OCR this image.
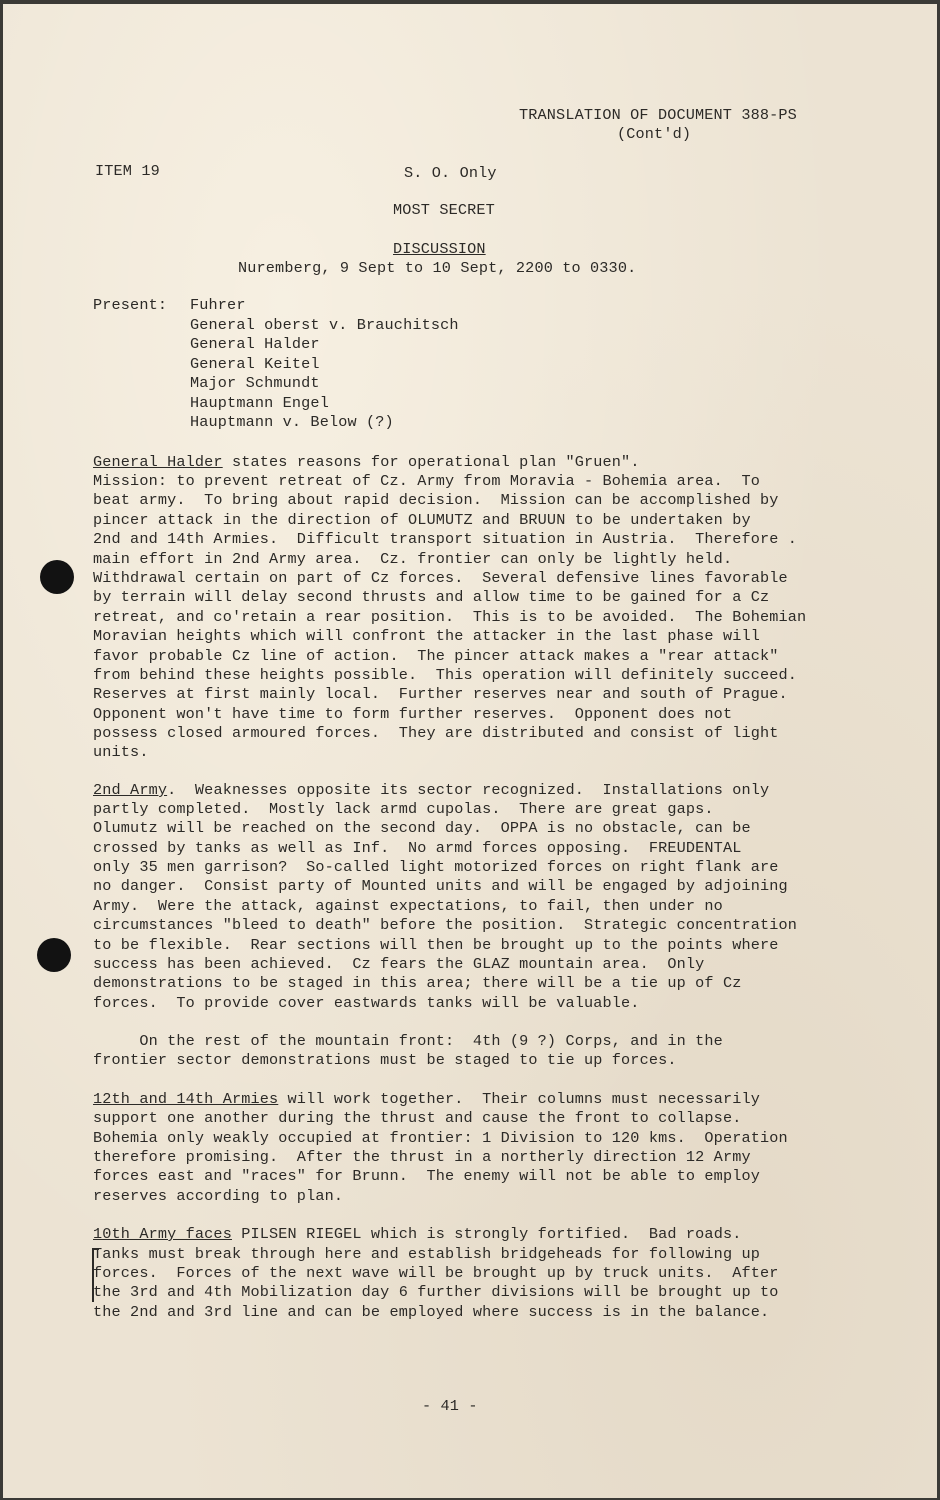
TRANSLATION OF DOCUMENT 388-PS
(Cont'd)
ITEM 19	S. O. Only
MOST SECRET
DISCUSSION
Nuremberg, 9 Sept to 10 Sept, 2200 to 0330.
Present: Fuhrer
General oberst v. Brauchitsch
General Halder
General Keitel
Major Schmundt
Hauptmann Engel
Hauptmann v. Below (?)
General Halder states reasons for operational plan "Gruen".
Mission: to prevent retreat of Cz. Army from Moravia - Bohemia area.  To
beat army.  To bring about rapid decision.  Mission can be accomplished by
pincer attack in the direction of OLUMUTZ and BRUUN to be undertaken by
2nd and 14th Armies.  Difficult transport situation in Austria.  Therefore .
main effort in 2nd Army area.  Cz. frontier can only be lightly held.
Withdrawal certain on part of Cz forces.  Several defensive lines favorable
by terrain will delay second thrusts and allow time to be gained for a Cz
retreat, and co'retain a rear position.  This is to be avoided.  The Bohemian
Moravian heights which will confront the attacker in the last phase will
favor probable Cz line of action.  The pincer attack makes a "rear attack"
from behind these heights possible.  This operation will definitely succeed.
Reserves at first mainly local.  Further reserves near and south of Prague.
Opponent won't have time to form further reserves.  Opponent does not
possess closed armoured forces.  They are distributed and consist of light
units.
2nd Army.  Weaknesses opposite its sector recognized.  Installations only
partly completed.  Mostly lack armd cupolas.  There are great gaps.
Olumutz will be reached on the second day.  OPPA is no obstacle, can be
crossed by tanks as well as Inf.  No armd forces opposing.  FREUDENTAL
only 35 men garrison?  So-called light motorized forces on right flank are
no danger.  Consist party of Mounted units and will be engaged by adjoining
Army.  Were the attack, against expectations, to fail, then under no
circumstances "bleed to death" before the position.  Strategic concentration
to be flexible.  Rear sections will then be brought up to the points where
success has been achieved.  Cz fears the GLAZ mountain area.  Only
demonstrations to be staged in this area; there will be a tie up of Cz
forces.  To provide cover eastwards tanks will be valuable.
On the rest of the mountain front:  4th (9 ?) Corps, and in the
frontier sector demonstrations must be staged to tie up forces.
12th and 14th Armies will work together.  Their columns must necessarily
support one another during the thrust and cause the front to collapse.
Bohemia only weakly occupied at frontier: 1 Division to 120 kms.  Operation
therefore promising.  After the thrust in a northerly direction 12 Army
forces east and "races" for Brunn.  The enemy will not be able to employ
reserves according to plan.
10th Army faces PILSEN RIEGEL which is strongly fortified.  Bad roads.
Tanks must break through here and establish bridgeheads for following up
forces.  Forces of the next wave will be brought up by truck units.  After
the 3rd and 4th Mobilization day 6 further divisions will be brought up to
the 2nd and 3rd line and can be employed where success is in the balance.
- 41 -
